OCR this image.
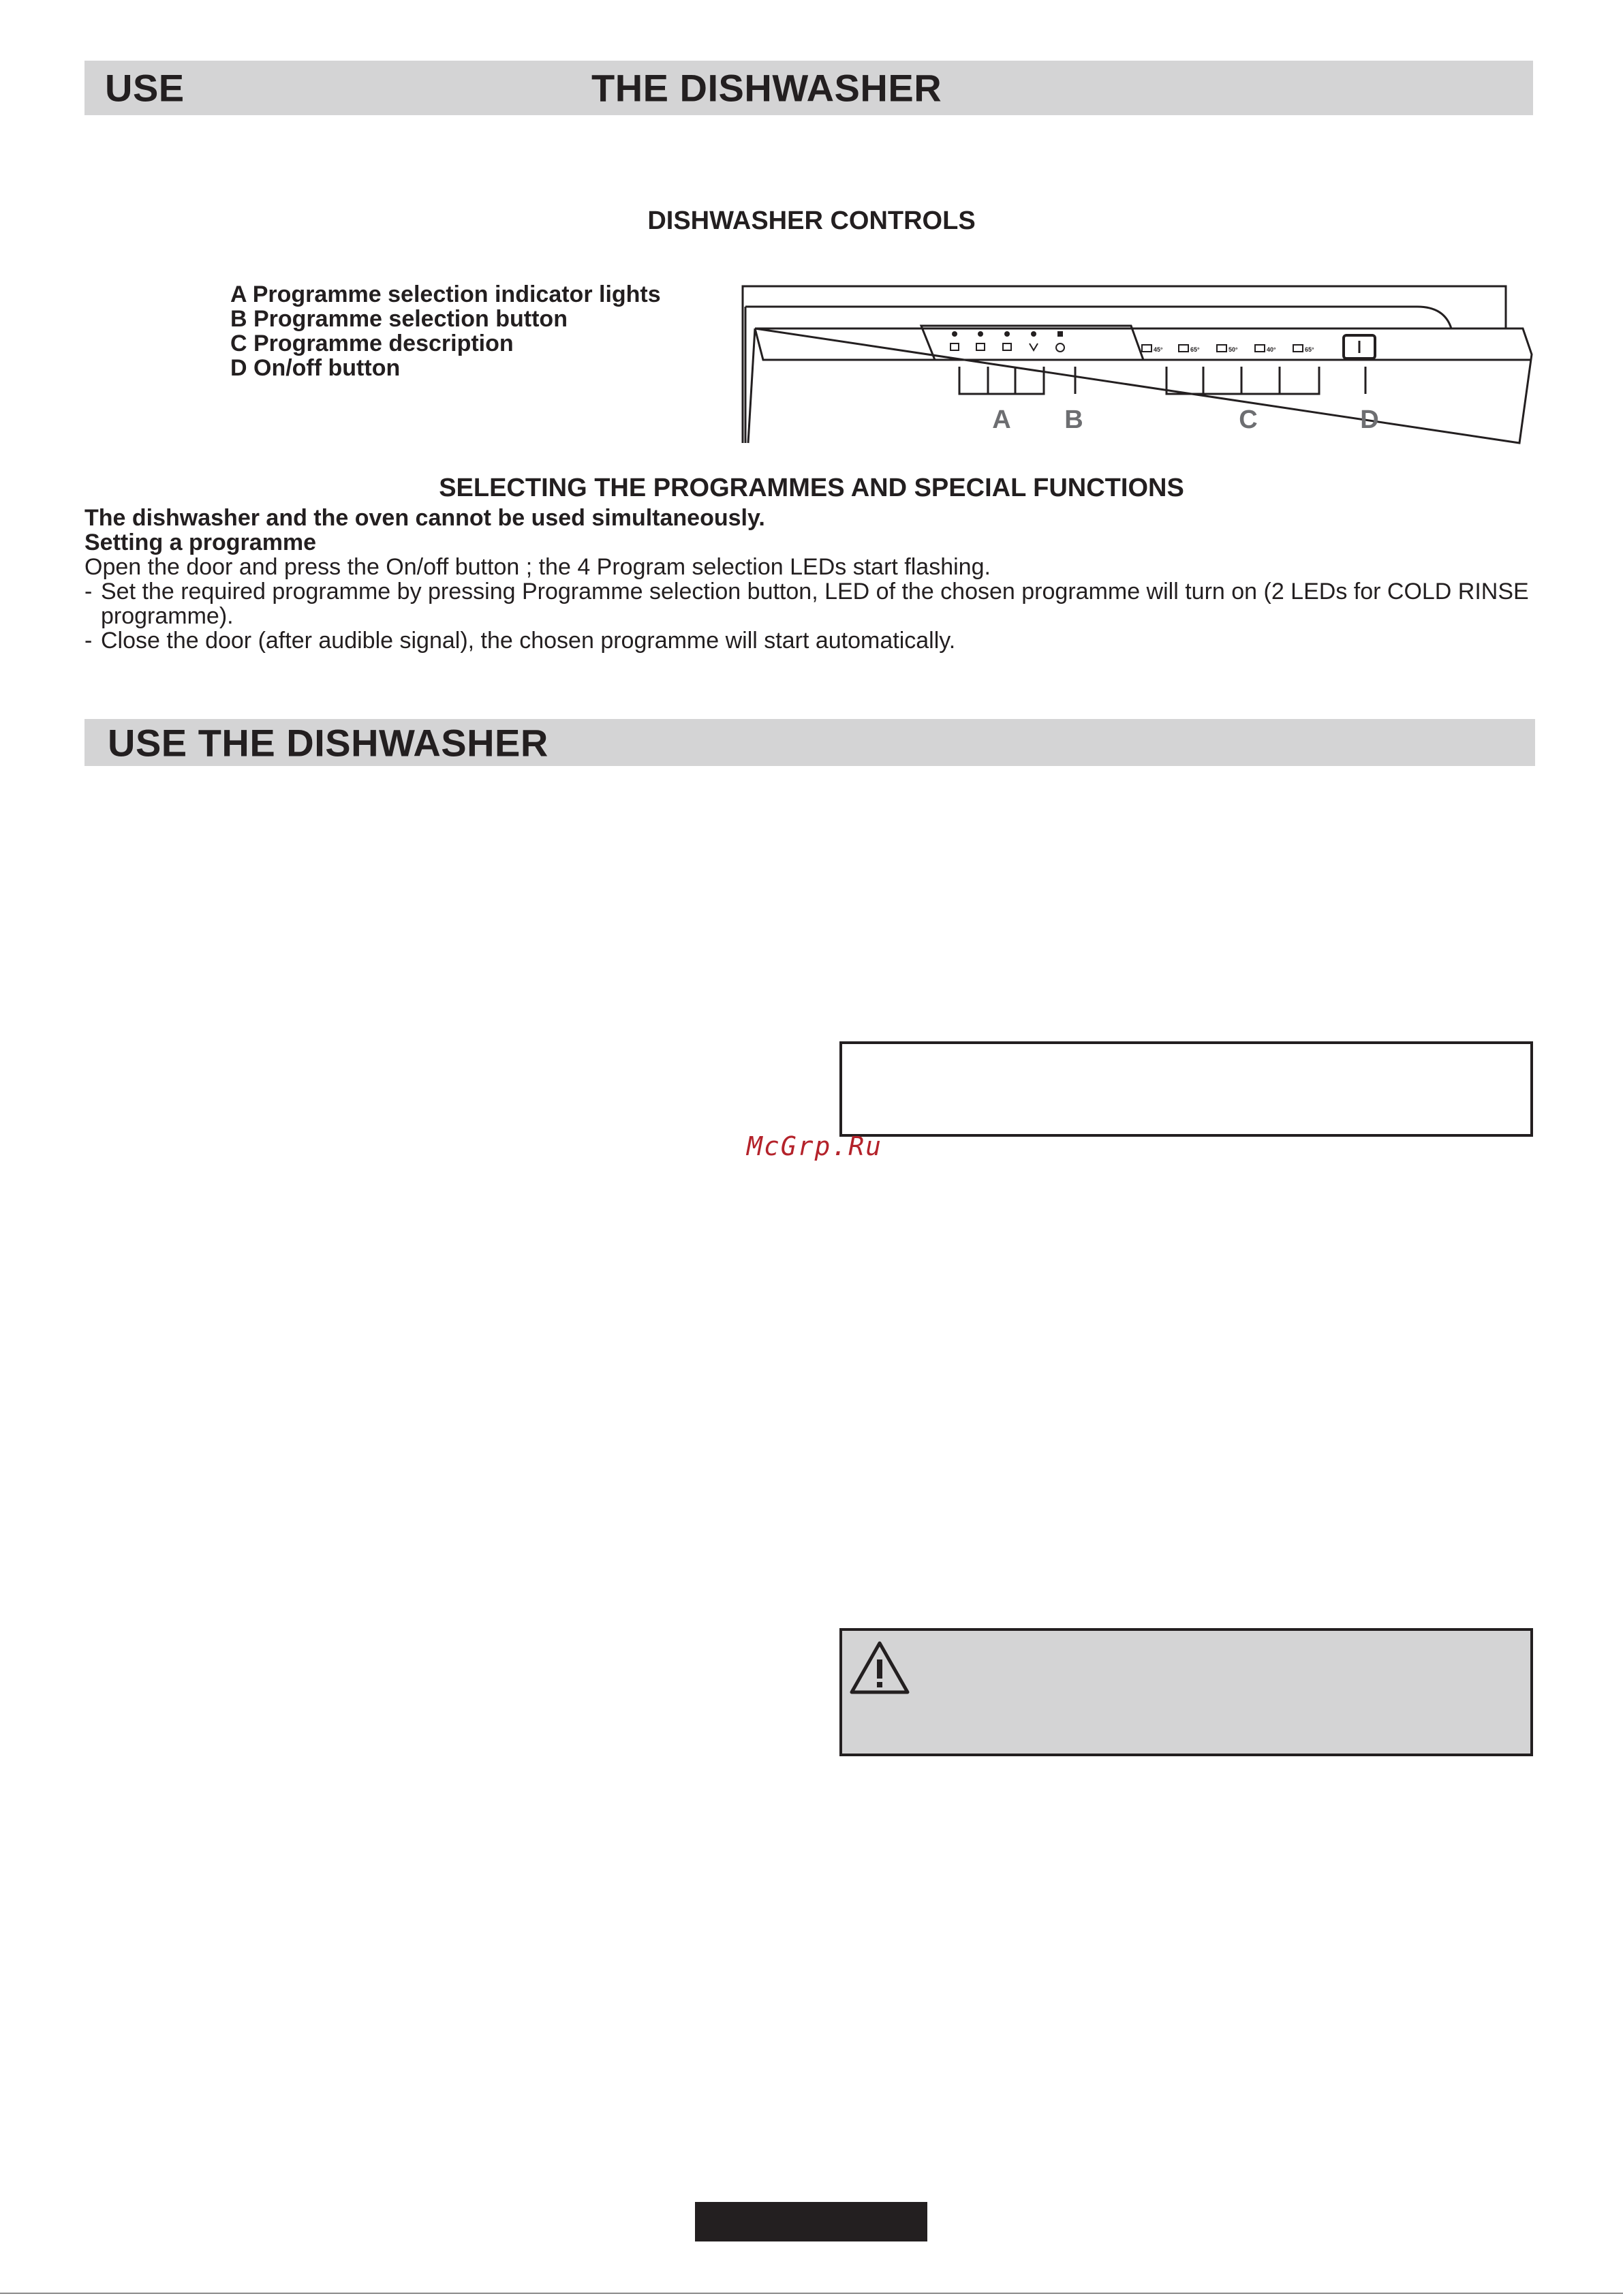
USE	THE DISHWASHER
DISHWASHER CONTROLS
A Programme selection indicator lights
B Programme selection button
C Programme description
D On/off button
45°	65°	50°	40°	65°
A B	C	D
SELECTING THE PROGRAMMES AND SPECIAL FUNCTIONS
The dishwasher and the oven cannot be used simultaneously.
Setting a programme
Open the door and press the On/off button ; the 4 Program selection LEDs start flashing.
- Set the required programme by pressing Programme selection button, LED of the chosen programme will turn on (2 LEDs for COLD RINSE programme).
- Close the door (after audible signal), the chosen programme will start automatically.
USE THE DISHWASHER
McGrp.Ru
